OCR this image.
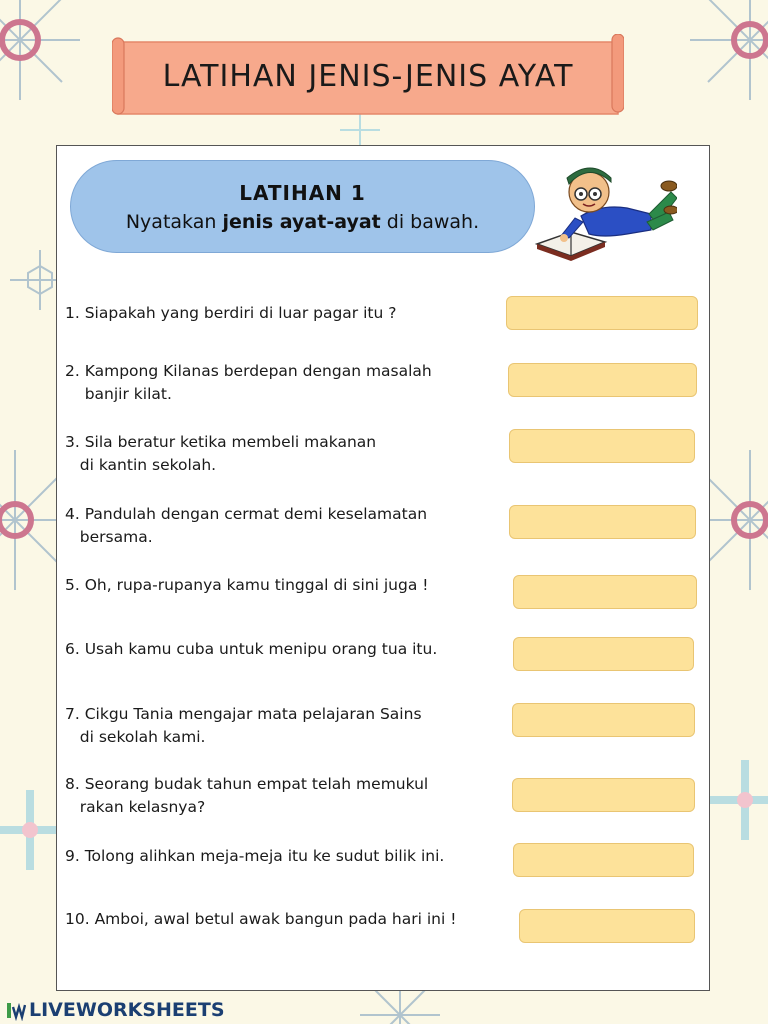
LATIHAN JENIS-JENIS AYAT
LATIHAN 1
Nyatakan jenis ayat-ayat di bawah.
1. Siapakah yang berdiri di luar pagar itu ?
2. Kampong Kilanas berdepan dengan masalah
banjir kilat.
3. Sila beratur ketika membeli makanan
di kantin sekolah.
4. Pandulah dengan cermat demi keselamatan
bersama.
5. Oh, rupa-rupanya kamu tinggal di sini juga !
6. Usah kamu cuba untuk menipu orang tua itu.
7. Cikgu Tania mengajar mata pelajaran Sains
di sekolah kami.
8. Seorang budak tahun empat telah memukul
rakan kelasnya?
9. Tolong alihkan meja-meja itu ke sudut bilik ini.
10. Amboi, awal betul awak bangun pada hari ini !
LIVEWORKSHEETS
